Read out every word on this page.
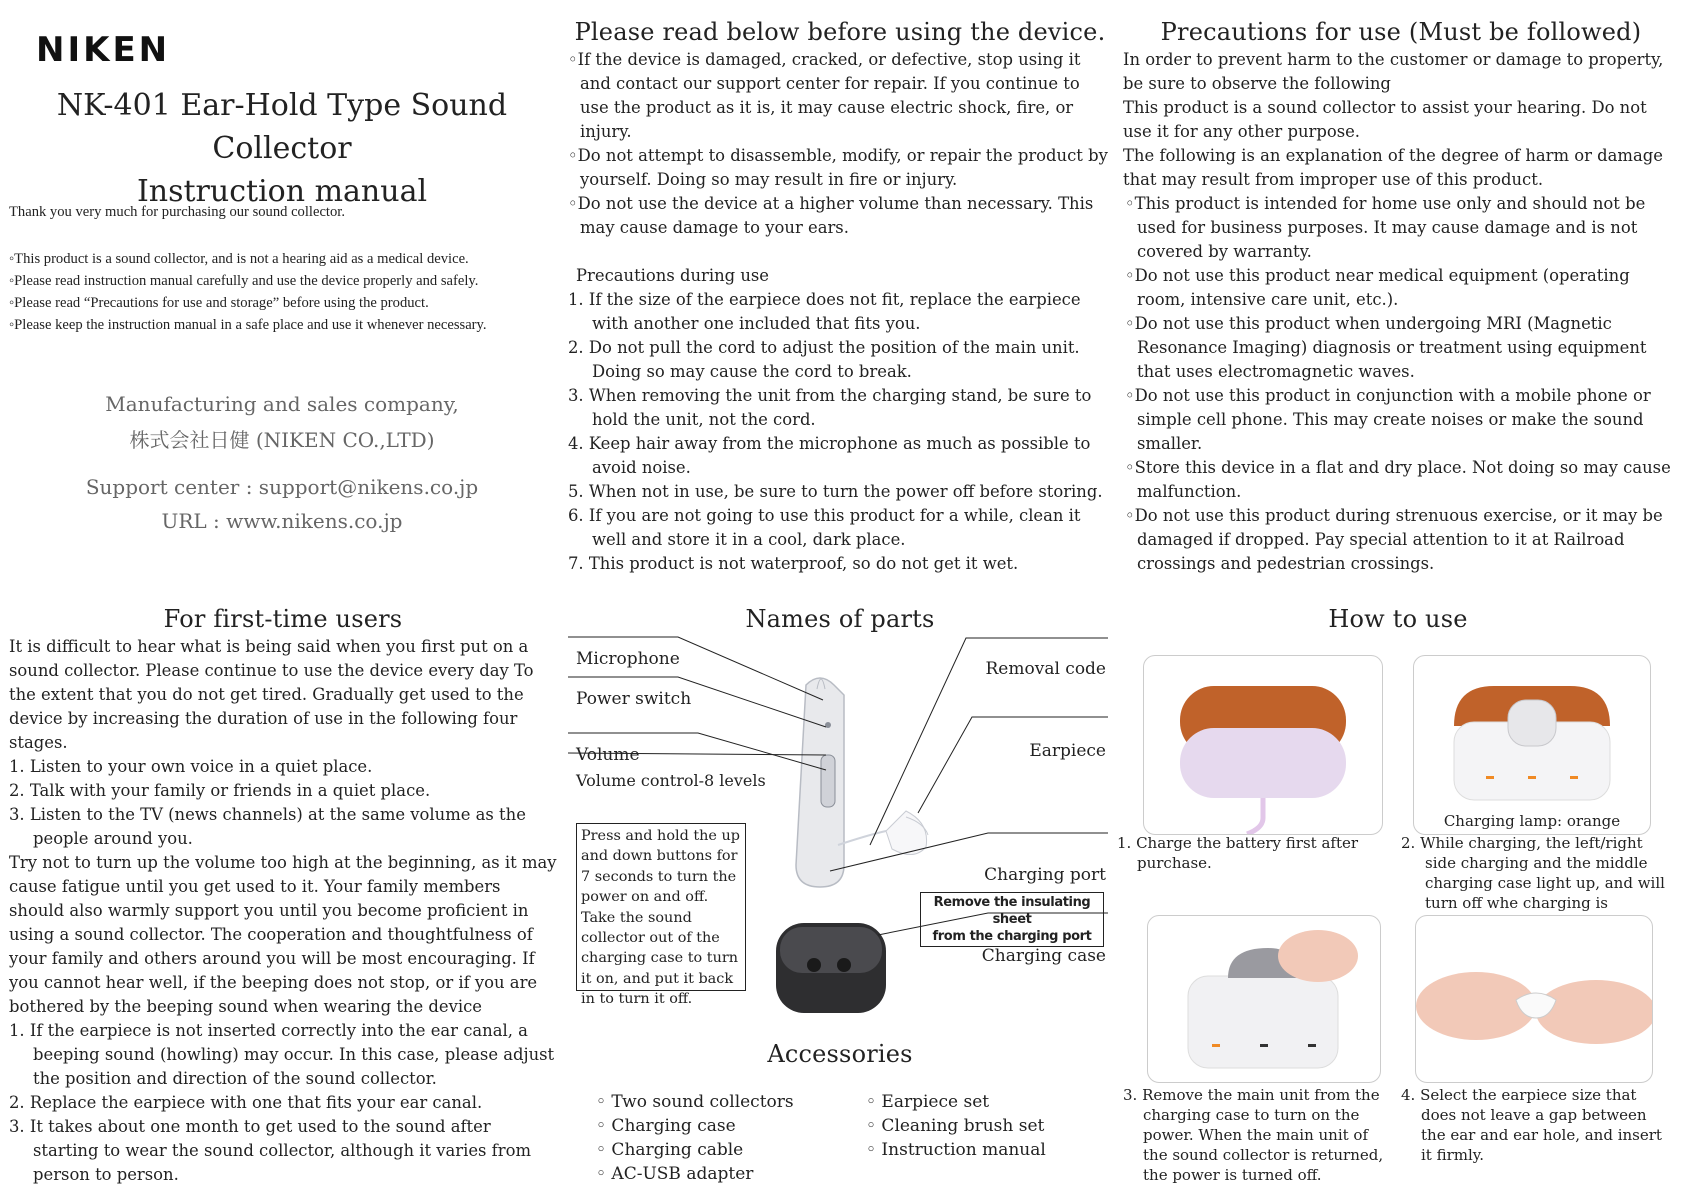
NIKEN
NK-401 Ear-Hold Type Sound Collector
Instruction manual
Thank you very much for purchasing our sound collector.
◦This product is a sound collector, and is not a hearing aid as a medical device.
◦Please read instruction manual carefully and use the device properly and safely.
◦Please read “Precautions for use and storage” before using the product.
◦Please keep the instruction manual in a safe place and use it whenever necessary.
Manufacturing and sales company,
株式会社日健 (NIKEN CO.,LTD)
Support center : support@nikens.co.jp
URL : www.nikens.co.jp
Please read below before using the device.
◦If the device is damaged, cracked, or defective, stop using it and contact our support center for repair. If you continue to use the product as it is, it may cause electric shock, fire, or injury.
◦Do not attempt to disassemble, modify, or repair the product by yourself. Doing so may result in fire or injury.
◦Do not use the device at a higher volume than necessary. This may cause damage to your ears.
Precautions during use
1. If the size of the earpiece does not fit, replace the earpiece with another one included that fits you.
2. Do not pull the cord to adjust the position of the main unit. Doing so may cause the cord to break.
3. When removing the unit from the charging stand, be sure to hold the unit, not the cord.
4. Keep hair away from the microphone as much as possible to avoid noise.
5. When not in use, be sure to turn the power off before storing.
6. If you are not going to use this product for a while, clean it well and store it in a cool, dark place.
7. This product is not waterproof, so do not get it wet.
Precautions for use (Must be followed)
In order to prevent harm to the customer or damage to property, be sure to observe the following
This product is a sound collector to assist your hearing. Do not use it for any other purpose.
The following is an explanation of the degree of harm or damage that may result from improper use of this product.
◦This product is intended for home use only and should not be used for business purposes. It may cause damage and is not covered by warranty.
◦Do not use this product near medical equipment (operating room, intensive care unit, etc.).
◦Do not use this product when undergoing MRI (Magnetic Resonance Imaging) diagnosis or treatment using equipment that uses electromagnetic waves.
◦Do not use this product in conjunction with a mobile phone or simple cell phone. This may create noises or make the sound smaller.
◦Store this device in a flat and dry place. Not doing so may cause malfunction.
◦Do not use this product during strenuous exercise, or it may be damaged if dropped. Pay special attention to it at Railroad crossings and pedestrian crossings.
For first-time users
It is difficult to hear what is being said when you first put on a sound collector. Please continue to use the device every day To the extent that you do not get tired. Gradually get used to the device by increasing the duration of use in the following four stages.
1. Listen to your own voice in a quiet place.
2. Talk with your family or friends in a quiet place.
3. Listen to the TV (news channels) at the same volume as the people around you.
Try not to turn up the volume too high at the beginning, as it may cause fatigue until you get used to it. Your family members should also warmly support you until you become proficient in using a sound collector. The cooperation and thoughtfulness of your family and others around you will be most encouraging. If you cannot hear well, if the beeping does not stop, or if you are bothered by the beeping sound when wearing the device
1. If the earpiece is not inserted correctly into the ear canal, a beeping sound (howling) may occur. In this case, please adjust the position and direction of the sound collector.
2. Replace the earpiece with one that fits your ear canal.
3. It takes about one month to get used to the sound after starting to wear the sound collector, although it varies from person to person.
Names of parts
Microphone
Power switch
Volume
Volume control-8 levels
Removal code
Earpiece
Charging port
Charging case
Press and hold the up and down buttons for 7 seconds to turn the power on and off. Take the sound collector out of the charging case to turn it on, and put it back in to turn it off.
Remove the insulating sheet
from the charging port
Accessories
◦ Two sound collectors
◦ Charging case
◦ Charging cable
◦ AC-USB adapter
◦ Earpiece set
◦ Cleaning brush set
◦ Instruction manual
How to use
Charging lamp: orange
1. Charge the battery first after purchase.
2. While charging, the left/right side charging and the middle charging case light up, and will turn off whe charging is
3. Remove the main unit from the charging case to turn on the power. When the main unit of the sound collector is returned, the power is turned off.
4. Select the earpiece size that does not leave a gap between the ear and ear hole, and insert it firmly.
